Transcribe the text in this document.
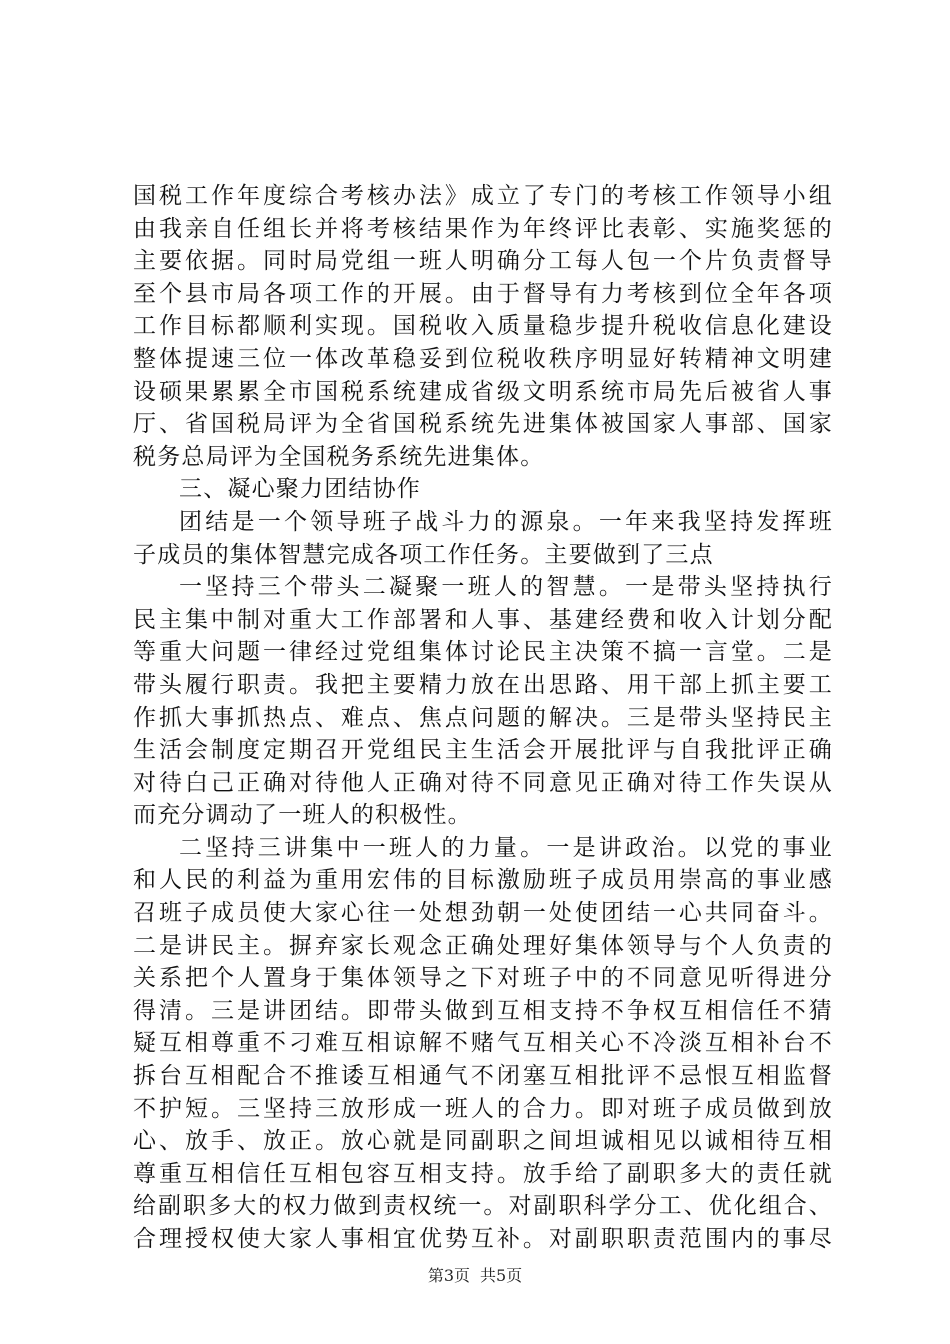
国税工作年度综合考核办法》成立了专门的考核工作领导小组
由我亲自任组长并将考核结果作为年终评比表彰、实施奖惩的
主要依据。同时局党组一班人明确分工每人包一个片负责督导
至个县市局各项工作的开展。由于督导有力考核到位全年各项
工作目标都顺利实现。国税收入质量稳步提升税收信息化建设
整体提速三位一体改革稳妥到位税收秩序明显好转精神文明建
设硕果累累全市国税系统建成省级文明系统市局先后被省人事
厅、省国税局评为全省国税系统先进集体被国家人事部、国家
税务总局评为全国税务系统先进集体。
三、凝心聚力团结协作
团结是一个领导班子战斗力的源泉。一年来我坚持发挥班
子成员的集体智慧完成各项工作任务。主要做到了三点
一坚持三个带头二凝聚一班人的智慧。一是带头坚持执行
民主集中制对重大工作部署和人事、基建经费和收入计划分配
等重大问题一律经过党组集体讨论民主决策不搞一言堂。二是
带头履行职责。我把主要精力放在出思路、用干部上抓主要工
作抓大事抓热点、难点、焦点问题的解决。三是带头坚持民主
生活会制度定期召开党组民主生活会开展批评与自我批评正确
对待白己正确对待他人正确对待不同意见正确对待工作失误从
而充分调动了一班人的积极性。
二坚持三讲集中一班人的力量。一是讲政治。以党的事业
和人民的利益为重用宏伟的目标激励班子成员用崇高的事业感
召班子成员使大家心往一处想劲朝一处使团结一心共同奋斗。
二是讲民主。摒弃家长观念正确处理好集体领导与个人负责的
关系把个人置身于集体领导之下对班子中的不同意见听得进分
得清。三是讲团结。即带头做到互相支持不争权互相信任不猜
疑互相尊重不刁难互相谅解不赌气互相关心不冷淡互相补台不
拆台互相配合不推诿互相通气不闭塞互相批评不忌恨互相监督
不护短。三坚持三放形成一班人的合力。即对班子成员做到放
心、放手、放正。放心就是同副职之间坦诚相见以诚相待互相
尊重互相信任互相包容互相支持。放手给了副职多大的责任就
给副职多大的权力做到责权统一。对副职科学分工、优化组合、
合理授权使大家人事相宜优势互补。对副职职责范围内的事尽
第3页 共5页
